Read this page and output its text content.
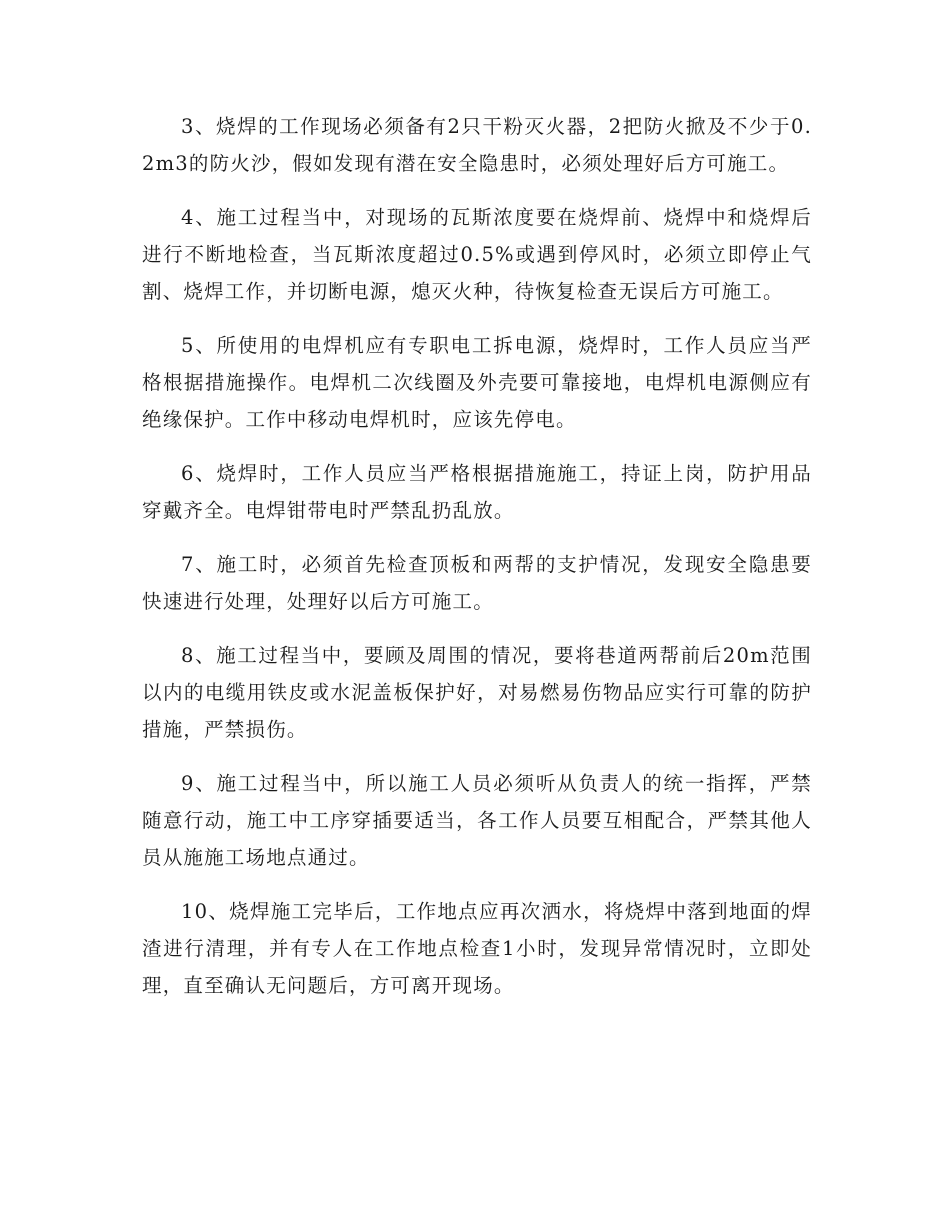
3、烧焊的工作现场必须备有2只干粉灭火器，2把防火掀及不少于0.2m3的防火沙，假如发现有潜在安全隐患时，必须处理好后方可施工。

4、施工过程当中，对现场的瓦斯浓度要在烧焊前、烧焊中和烧焊后进行不断地检查，当瓦斯浓度超过0.5%或遇到停风时，必须立即停止气割、烧焊工作，并切断电源，熄灭火种，待恢复检查无误后方可施工。

5、所使用的电焊机应有专职电工拆电源，烧焊时，工作人员应当严格根据措施操作。电焊机二次线圈及外壳要可靠接地，电焊机电源侧应有绝缘保护。工作中移动电焊机时，应该先停电。

6、烧焊时，工作人员应当严格根据措施施工，持证上岗，防护用品穿戴齐全。电焊钳带电时严禁乱扔乱放。

7、施工时，必须首先检查顶板和两帮的支护情况，发现安全隐患要快速进行处理，处理好以后方可施工。

8、施工过程当中，要顾及周围的情况，要将巷道两帮前后20m范围以内的电缆用铁皮或水泥盖板保护好，对易燃易伤物品应实行可靠的防护措施，严禁损伤。

9、施工过程当中，所以施工人员必须听从负责人的统一指挥，严禁随意行动，施工中工序穿插要适当，各工作人员要互相配合，严禁其他人员从施施工场地点通过。

10、烧焊施工完毕后，工作地点应再次洒水，将烧焊中落到地面的焊渣进行清理，并有专人在工作地点检查1小时，发现异常情况时，立即处理，直至确认无问题后，方可离开现场。
